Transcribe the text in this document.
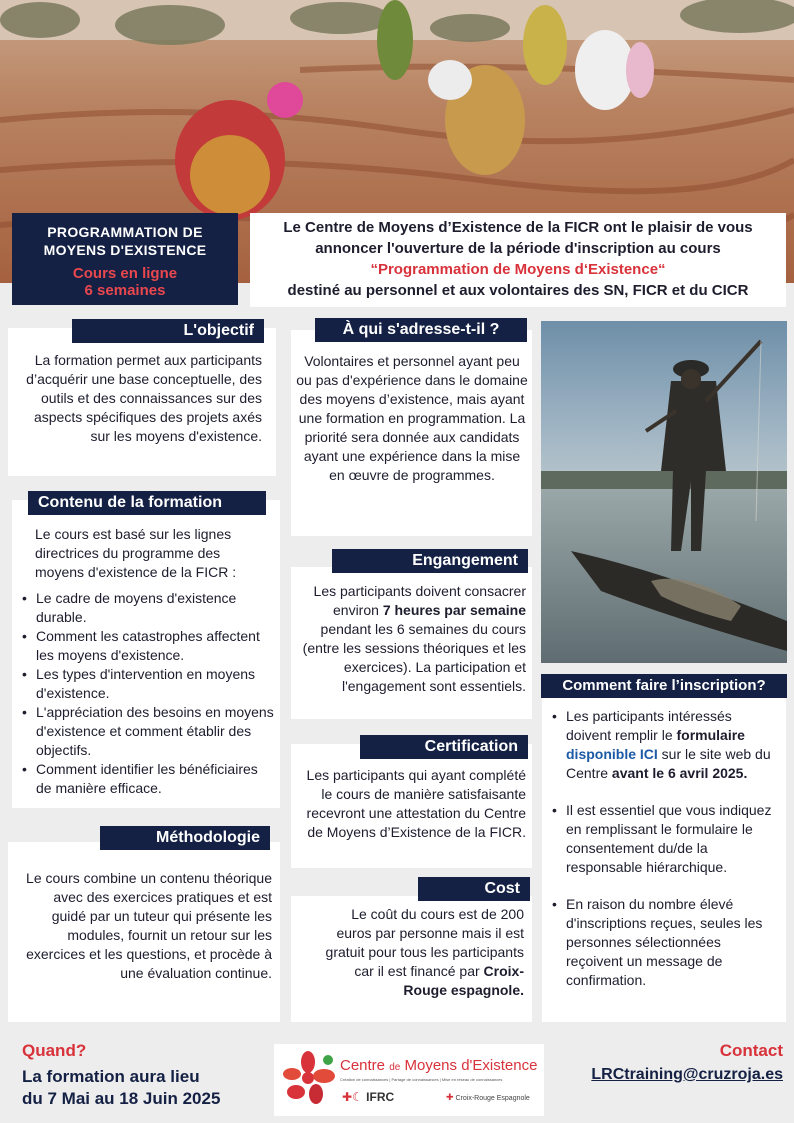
PROGRAMMATION DE MOYENS D'EXISTENCE
Cours en ligne
6 semaines
Le Centre de Moyens d’Existence de la FICR ont le plaisir de vous annoncer l'ouverture de la période d'inscription au cours
“Programmation de Moyens d‘Existence“
destiné au personnel et aux volontaires des SN, FICR et du CICR
L'objectif
La formation permet aux participants d’acquérir une base conceptuelle, des outils et des connaissances sur des aspects spécifiques des projets axés sur les moyens d'existence.
Contenu de la formation
Le cours est basé sur les lignes directrices du programme des moyens d'existence de la FICR :
• Le cadre de moyens d'existence durable.
• Comment les catastrophes affectent les moyens d'existence.
• Les types d'intervention en moyens d'existence.
• L'appréciation des besoins en moyens d'existence et comment établir des objectifs.
• Comment identifier les bénéficiaires de manière efficace.
Méthodologie
Le cours combine un contenu théorique avec des exercices pratiques et est guidé par un tuteur qui présente les modules, fournit un retour sur les exercices et les questions, et procède à une évaluation continue.
À qui s'adresse-t-il ?
Volontaires et personnel ayant peu ou pas d'expérience dans le domaine des moyens d’existence, mais ayant une formation en programmation. La priorité sera donnée aux candidats ayant une expérience dans la mise en œuvre de programmes.
Engangement
Les participants doivent consacrer environ 7 heures par semaine pendant les 6 semaines du cours (entre les sessions théoriques et les exercices). La participation et l'engagement sont essentiels.
Certification
Les participants qui ayant complété le cours de manière satisfaisante recevront une attestation du Centre de Moyens d’Existence de la FICR.
Cost
Le coût du cours est de 200 euros par personne mais il est gratuit pour tous les participants car il est financé par Croix-Rouge espagnole.
Comment faire l’inscription?
• Les participants intéressés doivent remplir le formulaire disponible ICI sur le site web du Centre avant le 6 avril 2025.
• Il est essentiel que vous indiquez en remplissant le formulaire le consentement du/de la responsable hiérarchique.
• En raison du nombre élevé d'inscriptions reçues, seules les personnes sélectionnées reçoivent un message de confirmation.
Quand?
La formation aura lieu
du 7 Mai au 18 Juin 2025
Centre de Moyens d'Existence
Création de connaissances | Partage de connaissances | Mise en réseau de connaissances
✚☾ IFRC	✚ Croix-Rouge Espagnole
Contact
LRCtraining@cruzroja.es
